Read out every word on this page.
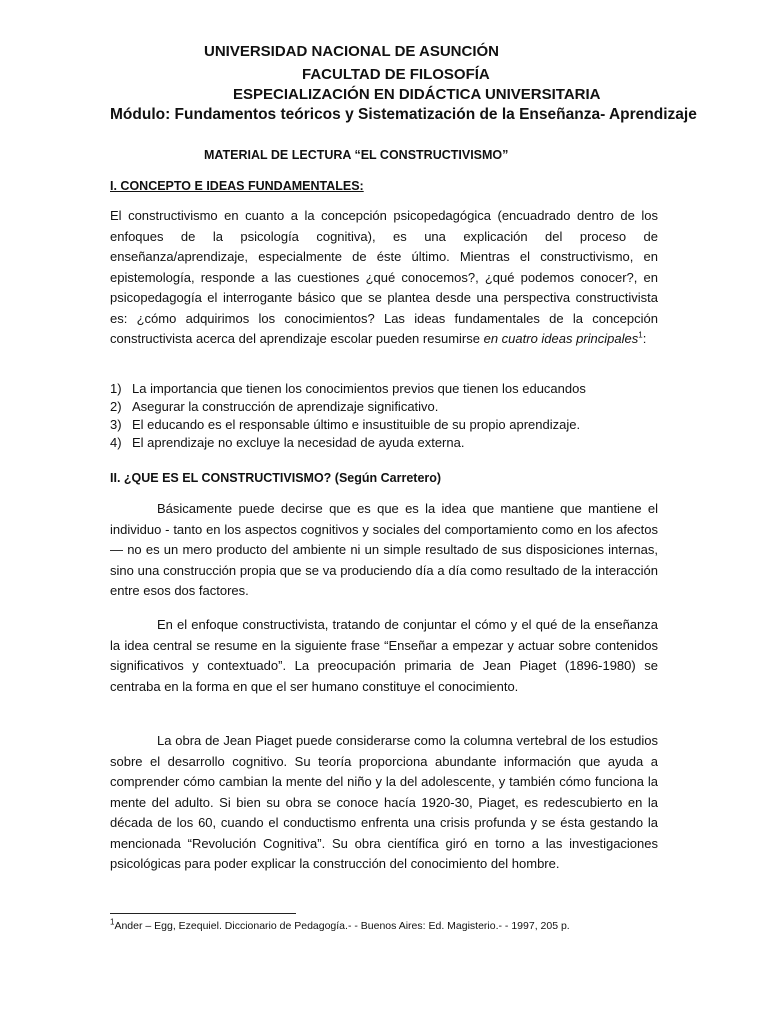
UNIVERSIDAD NACIONAL DE ASUNCIÓN
FACULTAD DE FILOSOFÍA
ESPECIALIZACIÓN EN DIDÁCTICA UNIVERSITARIA
Módulo: Fundamentos teóricos y Sistematización de la Enseñanza- Aprendizaje
MATERIAL DE LECTURA “EL CONSTRUCTIVISMO”
I. CONCEPTO E IDEAS FUNDAMENTALES:

El constructivismo en cuanto a la concepción psicopedagógica (encuadrado dentro de los enfoques de la psicología cognitiva), es una explicación del proceso de enseñanza/aprendizaje, especialmente de éste último. Mientras el constructivismo, en epistemología, responde a las cuestiones ¿qué conocemos?, ¿qué podemos conocer?, en psicopedagogía el interrogante básico que se plantea desde una perspectiva constructivista es: ¿cómo adquirimos los conocimientos? Las ideas fundamentales de la concepción constructivista acerca del aprendizaje escolar pueden resumirse en cuatro ideas principales$^1$:

1) La importancia que tienen los conocimientos previos que tienen los educandos
2) Asegurar la construcción de aprendizaje significativo.
3) El educando es el responsable último e insustituible de su propio aprendizaje.
4) El aprendizaje no excluye la necesidad de ayuda externa.
II. ¿QUE ES EL CONSTRUCTIVISMO? (Según Carretero)

Básicamente puede decirse que es que es la idea que mantiene que mantiene el individuo - tanto en los aspectos cognitivos y sociales del comportamiento como en los afectos — no es un mero producto del ambiente ni un simple resultado de sus disposiciones internas, sino una construcción propia que se va produciendo día a día como resultado de la interacción entre esos dos factores.

En el enfoque constructivista, tratando de conjuntar el cómo y el qué de la enseñanza la idea central se resume en la siguiente frase “Enseñar a empezar y actuar sobre contenidos significativos y contextuado”. La preocupación primaria de Jean Piaget (1896-1980) se centraba en la forma en que el ser humano constituye el conocimiento.

La obra de Jean Piaget puede considerarse como la columna vertebral de los estudios sobre el desarrollo cognitivo. Su teoría proporciona abundante información que ayuda a comprender cómo cambian la mente del niño y la del adolescente, y también cómo funciona la mente del adulto. Si bien su obra se conoce hacía 1920-30, Piaget, es redescubierto en la década de los 60, cuando el conductismo enfrenta una crisis profunda y se ésta gestando la mencionada “Revolución Cognitiva”. Su obra científica giró en torno a las investigaciones psicológicas para poder explicar la construcción del conocimiento del hombre.

$^1$Ander – Egg, Ezequiel. Diccionario de Pedagogía.- - Buenos Aires: Ed. Magisterio.- - 1997, 205 p.
